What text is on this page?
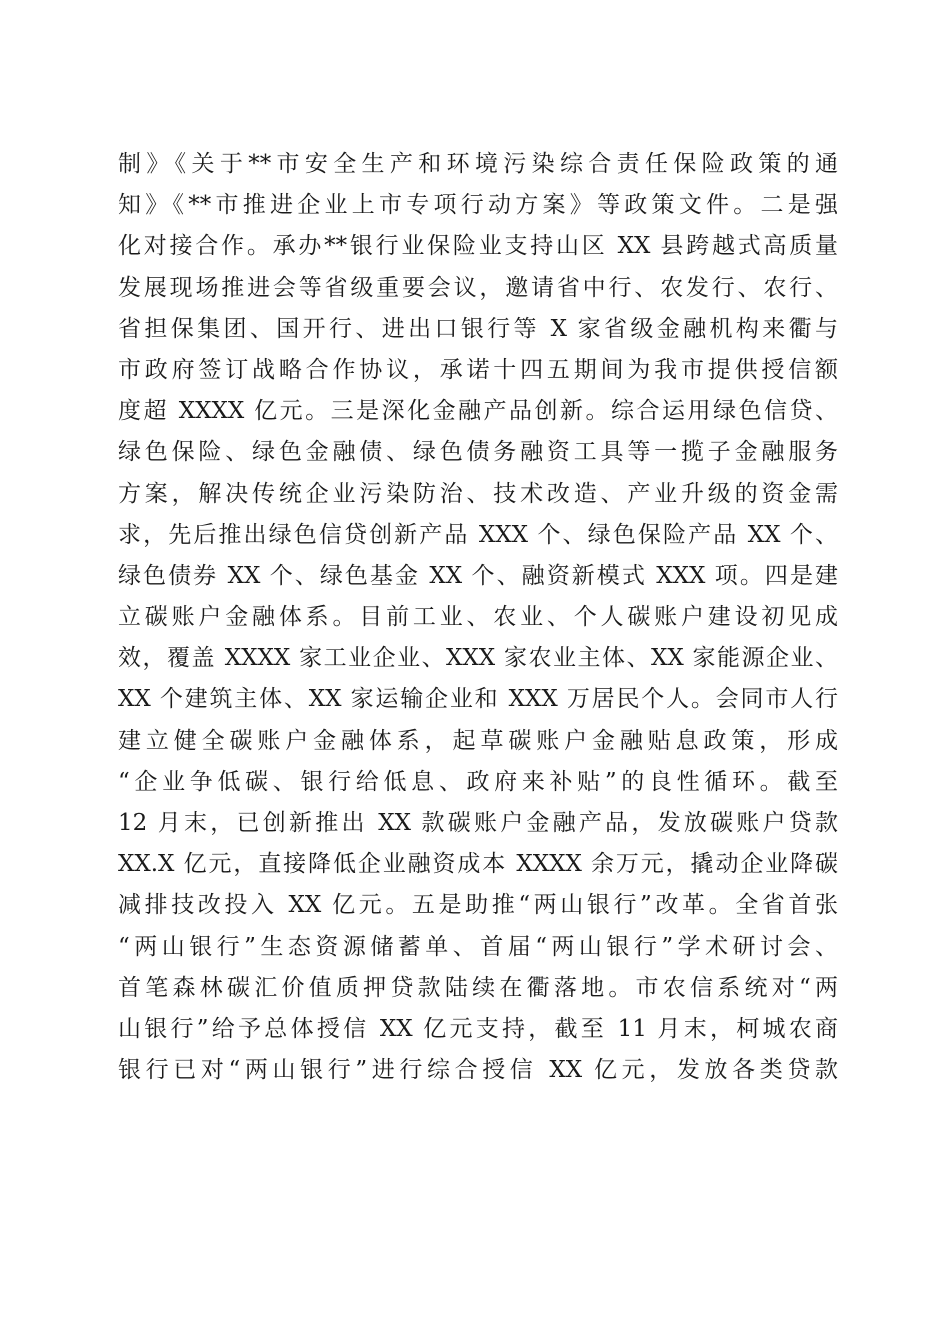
制》《关于**市安全生产和环境污染综合责任保险政策的通
知》《**市推进企业上市专项行动方案》等政策文件。二是强
化对接合作。承办**银行业保险业支持山区 XX 县跨越式高质量
发展现场推进会等省级重要会议，邀请省中行、农发行、农行、
省担保集团、国开行、进出口银行等 X 家省级金融机构来衢与
市政府签订战略合作协议，承诺十四五期间为我市提供授信额
度超 XXXX 亿元。三是深化金融产品创新。综合运用绿色信贷、
绿色保险、绿色金融债、绿色债务融资工具等一揽子金融服务
方案，解决传统企业污染防治、技术改造、产业升级的资金需
求，先后推出绿色信贷创新产品 XXX 个、绿色保险产品 XX 个、
绿色债券 XX 个、绿色基金 XX 个、融资新模式 XXX 项。四是建
立碳账户金融体系。目前工业、农业、个人碳账户建设初见成
效，覆盖 XXXX 家工业企业、XXX 家农业主体、XX 家能源企业、
XX 个建筑主体、XX 家运输企业和 XXX 万居民个人。会同市人行
建立健全碳账户金融体系，起草碳账户金融贴息政策，形成
“企业争低碳、银行给低息、政府来补贴”的良性循环。截至
12 月末，已创新推出 XX 款碳账户金融产品，发放碳账户贷款
XX.X 亿元，直接降低企业融资成本 XXXX 余万元，撬动企业降碳
减排技改投入 XX 亿元。五是助推“两山银行”改革。全省首张
“两山银行”生态资源储蓄单、首届“两山银行”学术研讨会、
首笔森林碳汇价值质押贷款陆续在衢落地。市农信系统对“两
山银行”给予总体授信 XX 亿元支持，截至 11 月末，柯城农商
银行已对“两山银行”进行综合授信 XX 亿元，发放各类贷款
